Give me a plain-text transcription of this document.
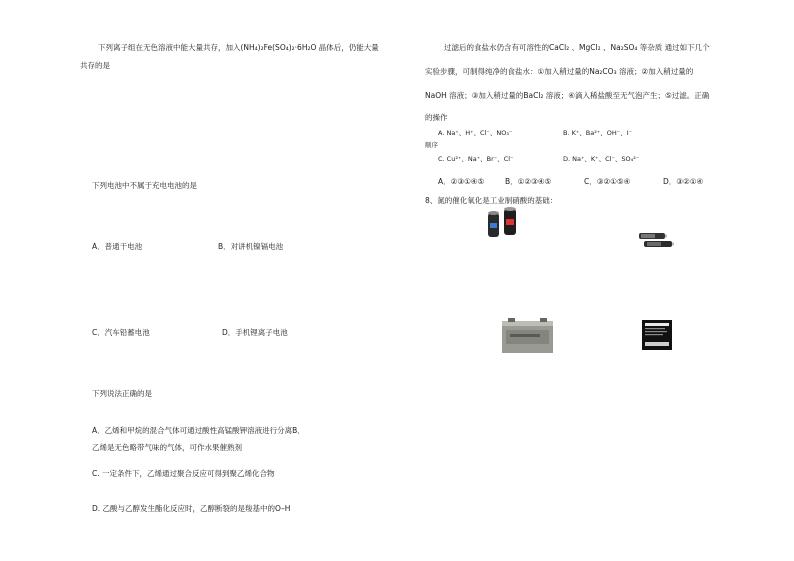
下列离子组在无色溶液中能大量共存，加入(NH₄)₂Fe(SO₄)₂·6H₂O 晶体后，仍能大量
共存的是
下列电池中不属于充电电池的是
A．普通干电池	B．对讲机镍镉电池
C．汽车铅蓄电池	D．手机锂离子电池
下列说法正确的是
A．乙烯和甲烷的混合气体可通过酸性高锰酸钾溶液进行分离B．
乙烯是无色略带气味的气体，可作水果催熟剂
C. 一定条件下，乙烯通过聚合反应可得到聚乙烯化合物
D. 乙酸与乙醇发生酯化反应时，乙醇断裂的是羧基中的O–H
过滤后的食盐水仍含有可溶性的CaCl₂ 、MgCl₂ 、Na₂SO₄ 等杂质 通过如下几个
实验步骤，可制得纯净的食盐水：①加入稍过量的Na₂CO₃ 溶液；②加入稍过量的
NaOH 溶液；③加入稍过量的BaCl₂ 溶液；④滴入稀盐酸至无气泡产生；⑤过滤。正确
的操作
A. Na⁺、H⁺、Cl⁻、NO₃⁻	B. K⁺、Ba²⁺、OH⁻、I⁻
顺序
C. Cu²⁺、Na⁺、Br⁻、Cl⁻	D. Na⁺、K⁺、Cl⁻、SO₄²⁻
A．②③①④⑤	B．①②③④⑤	C．③②①⑤④	D．③②①④
8、氮的催化氧化是工业制硝酸的基础：
